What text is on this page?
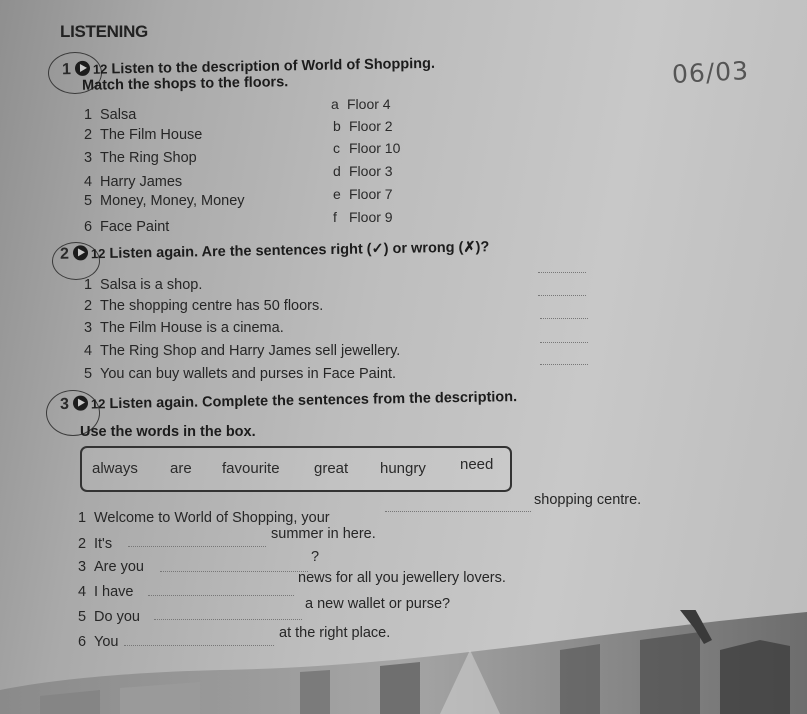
LISTENING
06/03
1 12 Listen to the description of World of Shopping.
Match the shops to the floors.
1 Salsa
2 The Film House
3 The Ring Shop
4 Harry James
5 Money, Money, Money
6 Face Paint
a Floor 4
b Floor 2
c Floor 10
d Floor 3
e Floor 7
f Floor 9
2 12 Listen again. Are the sentences right (✓) or wrong (✗)?
1 Salsa is a shop.
2 The shopping centre has 50 floors.
3 The Film House is a cinema.
4 The Ring Shop and Harry James sell jewellery.
5 You can buy wallets and purses in Face Paint.
3 12 Listen again. Complete the sentences from the description.
Use the words in the box.
always are favourite great hungry need
1 Welcome to World of Shopping, your
shopping centre.
2 It's
summer in here.
3 Are you
?
4 I have
news for all you jewellery lovers.
5 Do you
a new wallet or purse?
6 You
at the right place.
